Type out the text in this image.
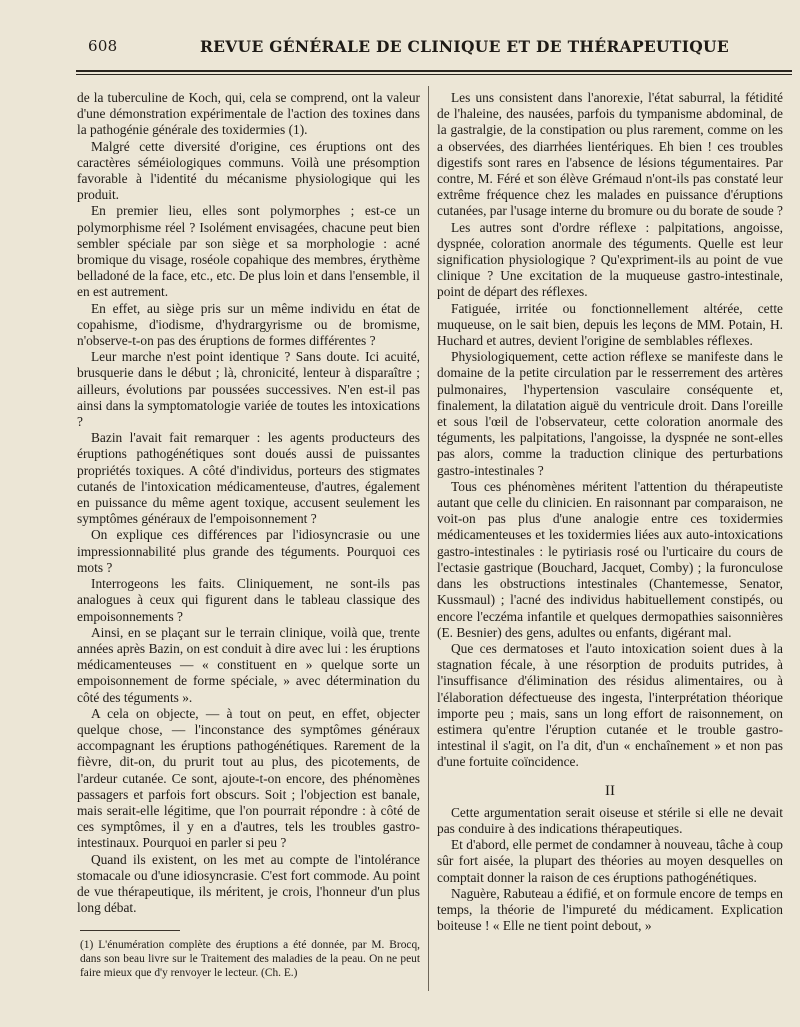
608	REVUE GÉNÉRALE DE CLINIQUE ET DE THÉRAPEUTIQUE

de la tuberculine de Koch, qui, cela se comprend, ont la valeur d'une démonstration expérimentale de l'action des toxines dans la pathogénie générale des toxidermies (1).

Malgré cette diversité d'origine, ces éruptions ont des caractères séméiologiques communs. Voilà une présomption favorable à l'identité du mécanisme physiologique qui les produit.

En premier lieu, elles sont polymorphes ; est-ce un polymorphisme réel ? Isolément envisagées, chacune peut bien sembler spéciale par son siège et sa morphologie : acné bromique du visage, roséole copahique des membres, érythème belladoné de la face, etc., etc. De plus loin et dans l'ensemble, il en est autrement.

En effet, au siège pris sur un même individu en état de copahisme, d'iodisme, d'hydrargyrisme ou de bromisme, n'observe-t-on pas des éruptions de formes différentes ?

Leur marche n'est point identique ? Sans doute. Ici acuité, brusquerie dans le début ; là, chronicité, lenteur à disparaître ; ailleurs, évolutions par poussées successives. N'en est-il pas ainsi dans la symptomatologie variée de toutes les intoxications ?

Bazin l'avait fait remarquer : les agents producteurs des éruptions pathogénétiques sont doués aussi de puissantes propriétés toxiques. A côté d'individus, porteurs des stigmates cutanés de l'intoxication médicamenteuse, d'autres, également en puissance du même agent toxique, accusent seulement les symptômes généraux de l'empoisonnement ?

On explique ces différences par l'idiosyncrasie ou une impressionnabilité plus grande des téguments. Pourquoi ces mots ?

Interrogeons les faits. Cliniquement, ne sont-ils pas analogues à ceux qui figurent dans le tableau classique des empoisonnements ?

Ainsi, en se plaçant sur le terrain clinique, voilà que, trente années après Bazin, on est conduit à dire avec lui : les éruptions médicamenteuses — « constituent en » quelque sorte un empoisonnement de forme spéciale, » avec détermination du côté des téguments ».

A cela on objecte, — à tout on peut, en effet, objecter quelque chose, — l'inconstance des symptômes généraux accompagnant les éruptions pathogénétiques. Rarement de la fièvre, dit-on, du prurit tout au plus, des picotements, de l'ardeur cutanée. Ce sont, ajoute-t-on encore, des phénomènes passagers et parfois fort obscurs. Soit ; l'objection est banale, mais serait-elle légitime, que l'on pourrait répondre : à côté de ces symptômes, il y en a d'autres, tels les troubles gastro-intestinaux. Pourquoi en parler si peu ?

Quand ils existent, on les met au compte de l'intolérance stomacale ou d'une idiosyncrasie. C'est fort commode. Au point de vue thérapeutique, ils méritent, je crois, l'honneur d'un plus long débat.

Les uns consistent dans l'anorexie, l'état saburral, la fétidité de l'haleine, des nausées, parfois du tympanisme abdominal, de la gastralgie, de la constipation ou plus rarement, comme on les a observées, des diarrhées lientériques. Eh bien ! ces troubles digestifs sont rares en l'absence de lésions tégumentaires. Par contre, M. Féré et son élève Grémaud n'ont-ils pas constaté leur extrême fréquence chez les malades en puissance d'éruptions cutanées, par l'usage interne du bromure ou du borate de soude ?

Les autres sont d'ordre réflexe : palpitations, angoisse, dyspnée, coloration anormale des téguments. Quelle est leur signification physiologique ? Qu'expriment-ils au point de vue clinique ? Une excitation de la muqueuse gastro-intestinale, point de départ des réflexes.

Fatiguée, irritée ou fonctionnellement altérée, cette muqueuse, on le sait bien, depuis les leçons de MM. Potain, H. Huchard et autres, devient l'origine de semblables réflexes.

Physiologiquement, cette action réflexe se manifeste dans le domaine de la petite circulation par le resserrement des artères pulmonaires, l'hypertension vasculaire conséquente et, finalement, la dilatation aiguë du ventricule droit. Dans l'oreille et sous l'œil de l'observateur, cette coloration anormale des téguments, les palpitations, l'angoisse, la dyspnée ne sont-elles pas alors, comme la traduction clinique des perturbations gastro-intestinales ?

Tous ces phénomènes méritent l'attention du thérapeutiste autant que celle du clinicien. En raisonnant par comparaison, ne voit-on pas plus d'une analogie entre ces toxidermies médicamenteuses et les toxidermies liées aux auto-intoxications gastro-intestinales : le pytiriasis rosé ou l'urticaire du cours de l'ectasie gastrique (Bouchard, Jacquet, Comby) ; la furonculose dans les obstructions intestinales (Chantemesse, Senator, Kussmaul) ; l'acné des individus habituellement constipés, ou encore l'eczéma infantile et quelques dermopathies saisonnières (E. Besnier) des gens, adultes ou enfants, digérant mal.

Que ces dermatoses et l'auto intoxication soient dues à la stagnation fécale, à une résorption de produits putrides, à l'insuffisance d'élimination des résidus alimentaires, ou à l'élaboration défectueuse des ingesta, l'interprétation théorique importe peu ; mais, sans un long effort de raisonnement, on estimera qu'entre l'éruption cutanée et le trouble gastro-intestinal il s'agit, on l'a dit, d'un « enchaînement » et non pas d'une fortuite coïncidence.

II

Cette argumentation serait oiseuse et stérile si elle ne devait pas conduire à des indications thérapeutiques.

Et d'abord, elle permet de condamner à nouveau, tâche à coup sûr fort aisée, la plupart des théories au moyen desquelles on comptait donner la raison de ces éruptions pathogénétiques.

Naguère, Rabuteau a édifié, et on formule encore de temps en temps, la théorie de l'impureté du médicament. Explication boiteuse ! « Elle ne tient point debout, »

(1) L'énumération complète des éruptions a été donnée, par M. Brocq, dans son beau livre sur le Traitement des maladies de la peau. On ne peut faire mieux que d'y renvoyer le lecteur. (Ch. E.)
